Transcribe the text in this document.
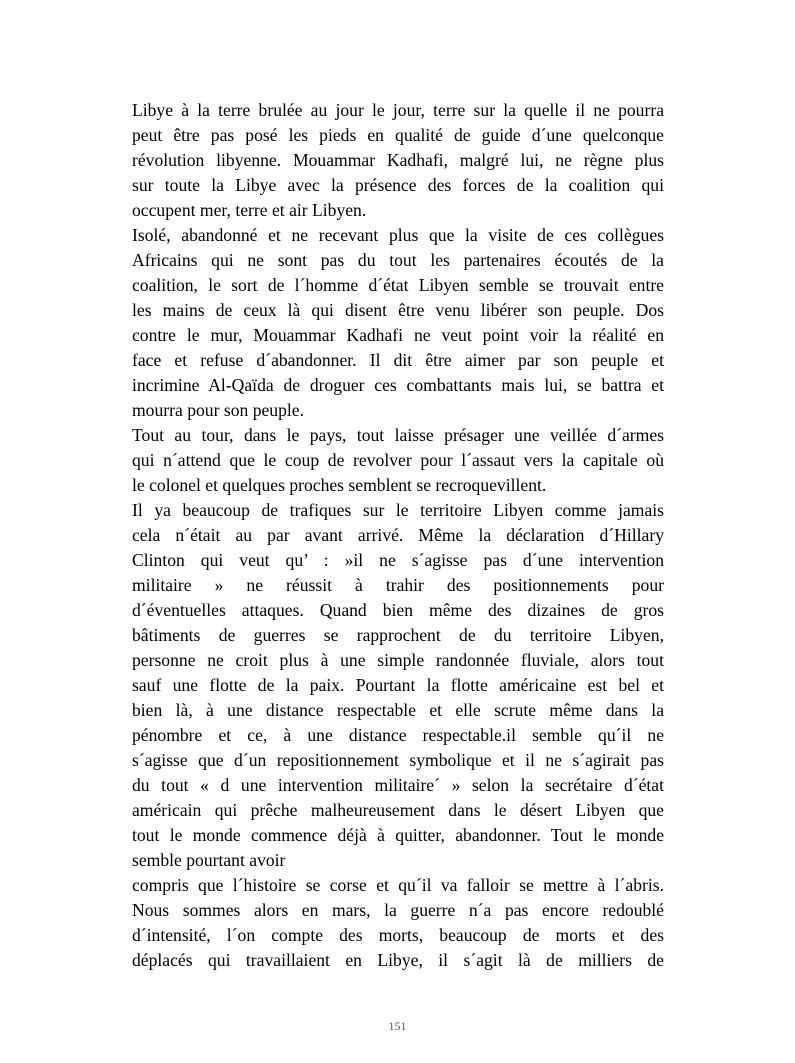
Libye à la terre brulée au jour le jour, terre sur la quelle il ne pourra
peut être pas posé les pieds en qualité de guide d´une quelconque
révolution libyenne. Mouammar Kadhafi, malgré lui, ne règne plus
sur toute la Libye avec la présence des forces de la coalition qui
occupent mer, terre et air Libyen.
Isolé, abandonné et ne recevant plus que la visite de ces collègues
Africains qui ne sont pas du tout les partenaires écoutés de la
coalition, le sort de l´homme d´état Libyen semble se trouvait entre
les mains de ceux là qui disent être venu libérer son peuple. Dos
contre le mur, Mouammar Kadhafi ne veut point voir la réalité en
face et refuse d´abandonner. Il dit être aimer par son peuple et
incrimine Al-Qaïda de droguer ces combattants mais lui, se battra et
mourra pour son peuple.
Tout au tour, dans le pays, tout laisse présager une veillée d´armes
qui n´attend que le coup de revolver pour l´assaut vers la capitale où
le colonel et quelques proches semblent se recroquevillent.
Il ya beaucoup de trafiques sur le territoire Libyen comme jamais
cela n´était au par avant arrivé. Même la déclaration d´Hillary
Clinton qui veut qu’ : »il ne s´agisse pas d´une intervention
militaire » ne réussit à trahir des positionnements pour
d´éventuelles attaques. Quand bien même des dizaines de gros
bâtiments de guerres se rapprochent de du territoire Libyen,
personne ne croit plus à une simple randonnée fluviale, alors tout
sauf une flotte de la paix. Pourtant la flotte américaine est bel et
bien là, à une distance respectable et elle scrute même dans la
pénombre et ce, à une distance respectable.il semble qu´il ne
s´agisse que d´un repositionnement symbolique et il ne s´agirait pas
du tout « d une intervention militaire´ » selon la secrétaire d´état
américain qui prêche malheureusement dans le désert Libyen que
tout le monde commence déjà à quitter, abandonner. Tout le monde
semble pourtant avoir
compris que l´histoire se corse et qu´il va falloir se mettre à l´abris.
Nous sommes alors en mars, la guerre n´a pas encore redoublé
d´intensité, l´on compte des morts, beaucoup de morts et des
déplacés qui travaillaient en Libye, il s´agit là de milliers de
151
